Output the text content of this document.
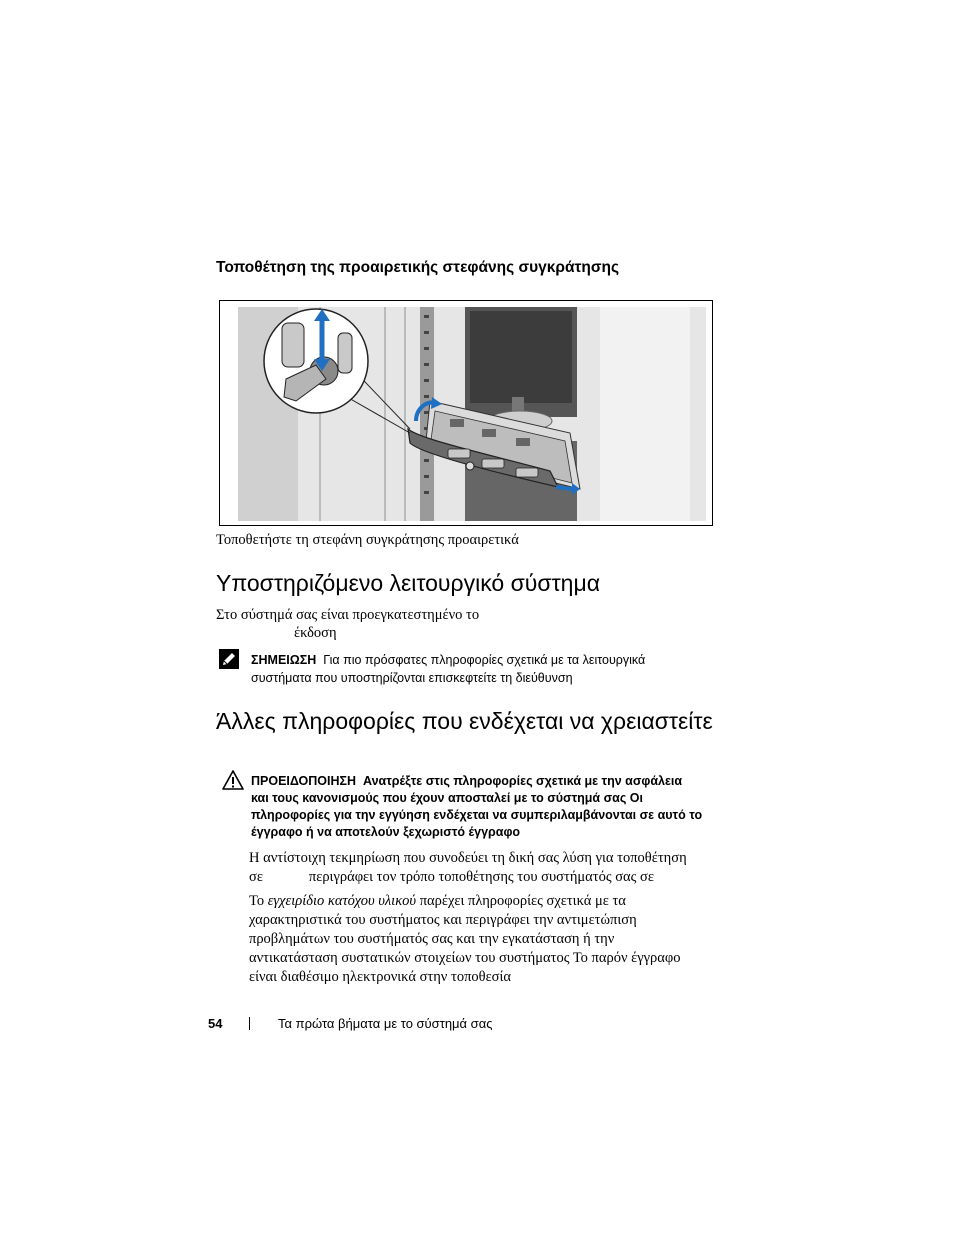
Τοποθέτηση της προαιρετικής στεφάνης συγκράτησης
Τοποθετήστε τη στεφάνη συγκράτησης προαιρετικά
Υποστηριζόμενο λειτουργικό σύστημα
Στο σύστημά σας είναι προεγκατεστημένο το
έκδοση
ΣΗΜΕΙΩΣΗ Για πιο πρόσφατες πληροφορίες σχετικά με τα λειτουργικά
συστήματα που υποστηρίζονται επισκεφτείτε τη διεύθυνση
Άλλες πληροφορίες που ενδέχεται να χρειαστείτε
ΠΡΟΕΙΔΟΠΟΙΗΣΗ Ανατρέξτε στις πληροφορίες σχετικά με την ασφάλεια
και τους κανονισμούς που έχουν αποσταλεί με το σύστημά σας Οι
πληροφορίες για την εγγύηση ενδέχεται να συμπεριλαμβάνονται σε αυτό το
έγγραφο ή να αποτελούν ξεχωριστό έγγραφο
Η αντίστοιχη τεκμηρίωση που συνοδεύει τη δική σας λύση για τοποθέτηση
σε	περιγράφει τον τρόπο τοποθέτησης του συστήματός σας σε
Το εγχειρίδιο κατόχου υλικού παρέχει πληροφορίες σχετικά με τα
χαρακτηριστικά του συστήματος και περιγράφει την αντιμετώπιση
προβλημάτων του συστήματός σας και την εγκατάσταση ή την
αντικατάσταση συστατικών στοιχείων του συστήματος Το παρόν έγγραφο
είναι διαθέσιμο ηλεκτρονικά στην τοποθεσία
54	Τα πρώτα βήματα με το σύστημά σας
